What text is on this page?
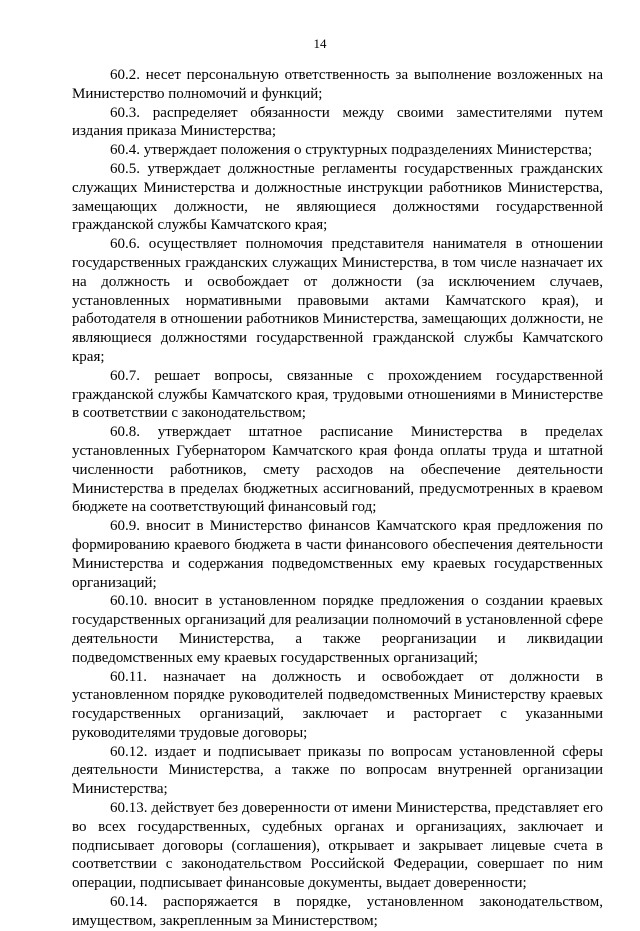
14

60.2. несет персональную ответственность за выполнение возложенных на Министерство полномочий и функций;

60.3. распределяет обязанности между своими заместителями путем издания приказа Министерства;

60.4. утверждает положения о структурных подразделениях Министерства;

60.5. утверждает должностные регламенты государственных гражданских служащих Министерства и должностные инструкции работников Министерства, замещающих должности, не являющиеся должностями государственной гражданской службы Камчатского края;

60.6. осуществляет полномочия представителя нанимателя в отношении государственных гражданских служащих Министерства, в том числе назначает их на должность и освобождает от должности (за исключением случаев, установленных нормативными правовыми актами Камчатского края), и работодателя в отношении работников Министерства, замещающих должности, не являющиеся должностями государственной гражданской службы Камчатского края;

60.7. решает вопросы, связанные с прохождением государственной гражданской службы Камчатского края, трудовыми отношениями в Министерстве в соответствии с законодательством;

60.8. утверждает штатное расписание Министерства в пределах установленных Губернатором Камчатского края фонда оплаты труда и штатной численности работников, смету расходов на обеспечение деятельности Министерства в пределах бюджетных ассигнований, предусмотренных в краевом бюджете на соответствующий финансовый год;

60.9. вносит в Министерство финансов Камчатского края предложения по формированию краевого бюджета в части финансового обеспечения деятельности Министерства и содержания подведомственных ему краевых государственных организаций;

60.10. вносит в установленном порядке предложения о создании краевых государственных организаций для реализации полномочий в установленной сфере деятельности Министерства, а также реорганизации и ликвидации подведомственных ему краевых государственных организаций;

60.11. назначает на должность и освобождает от должности в установленном порядке руководителей подведомственных Министерству краевых государственных организаций, заключает и расторгает с указанными руководителями трудовые договоры;

60.12. издает и подписывает приказы по вопросам установленной сферы деятельности Министерства, а также по вопросам внутренней организации Министерства;

60.13. действует без доверенности от имени Министерства, представляет его во всех государственных, судебных органах и организациях, заключает и подписывает договоры (соглашения), открывает и закрывает лицевые счета в соответствии с законодательством Российской Федерации, совершает по ним операции, подписывает финансовые документы, выдает доверенности;

60.14. распоряжается в порядке, установленном законодательством, имуществом, закрепленным за Министерством;
